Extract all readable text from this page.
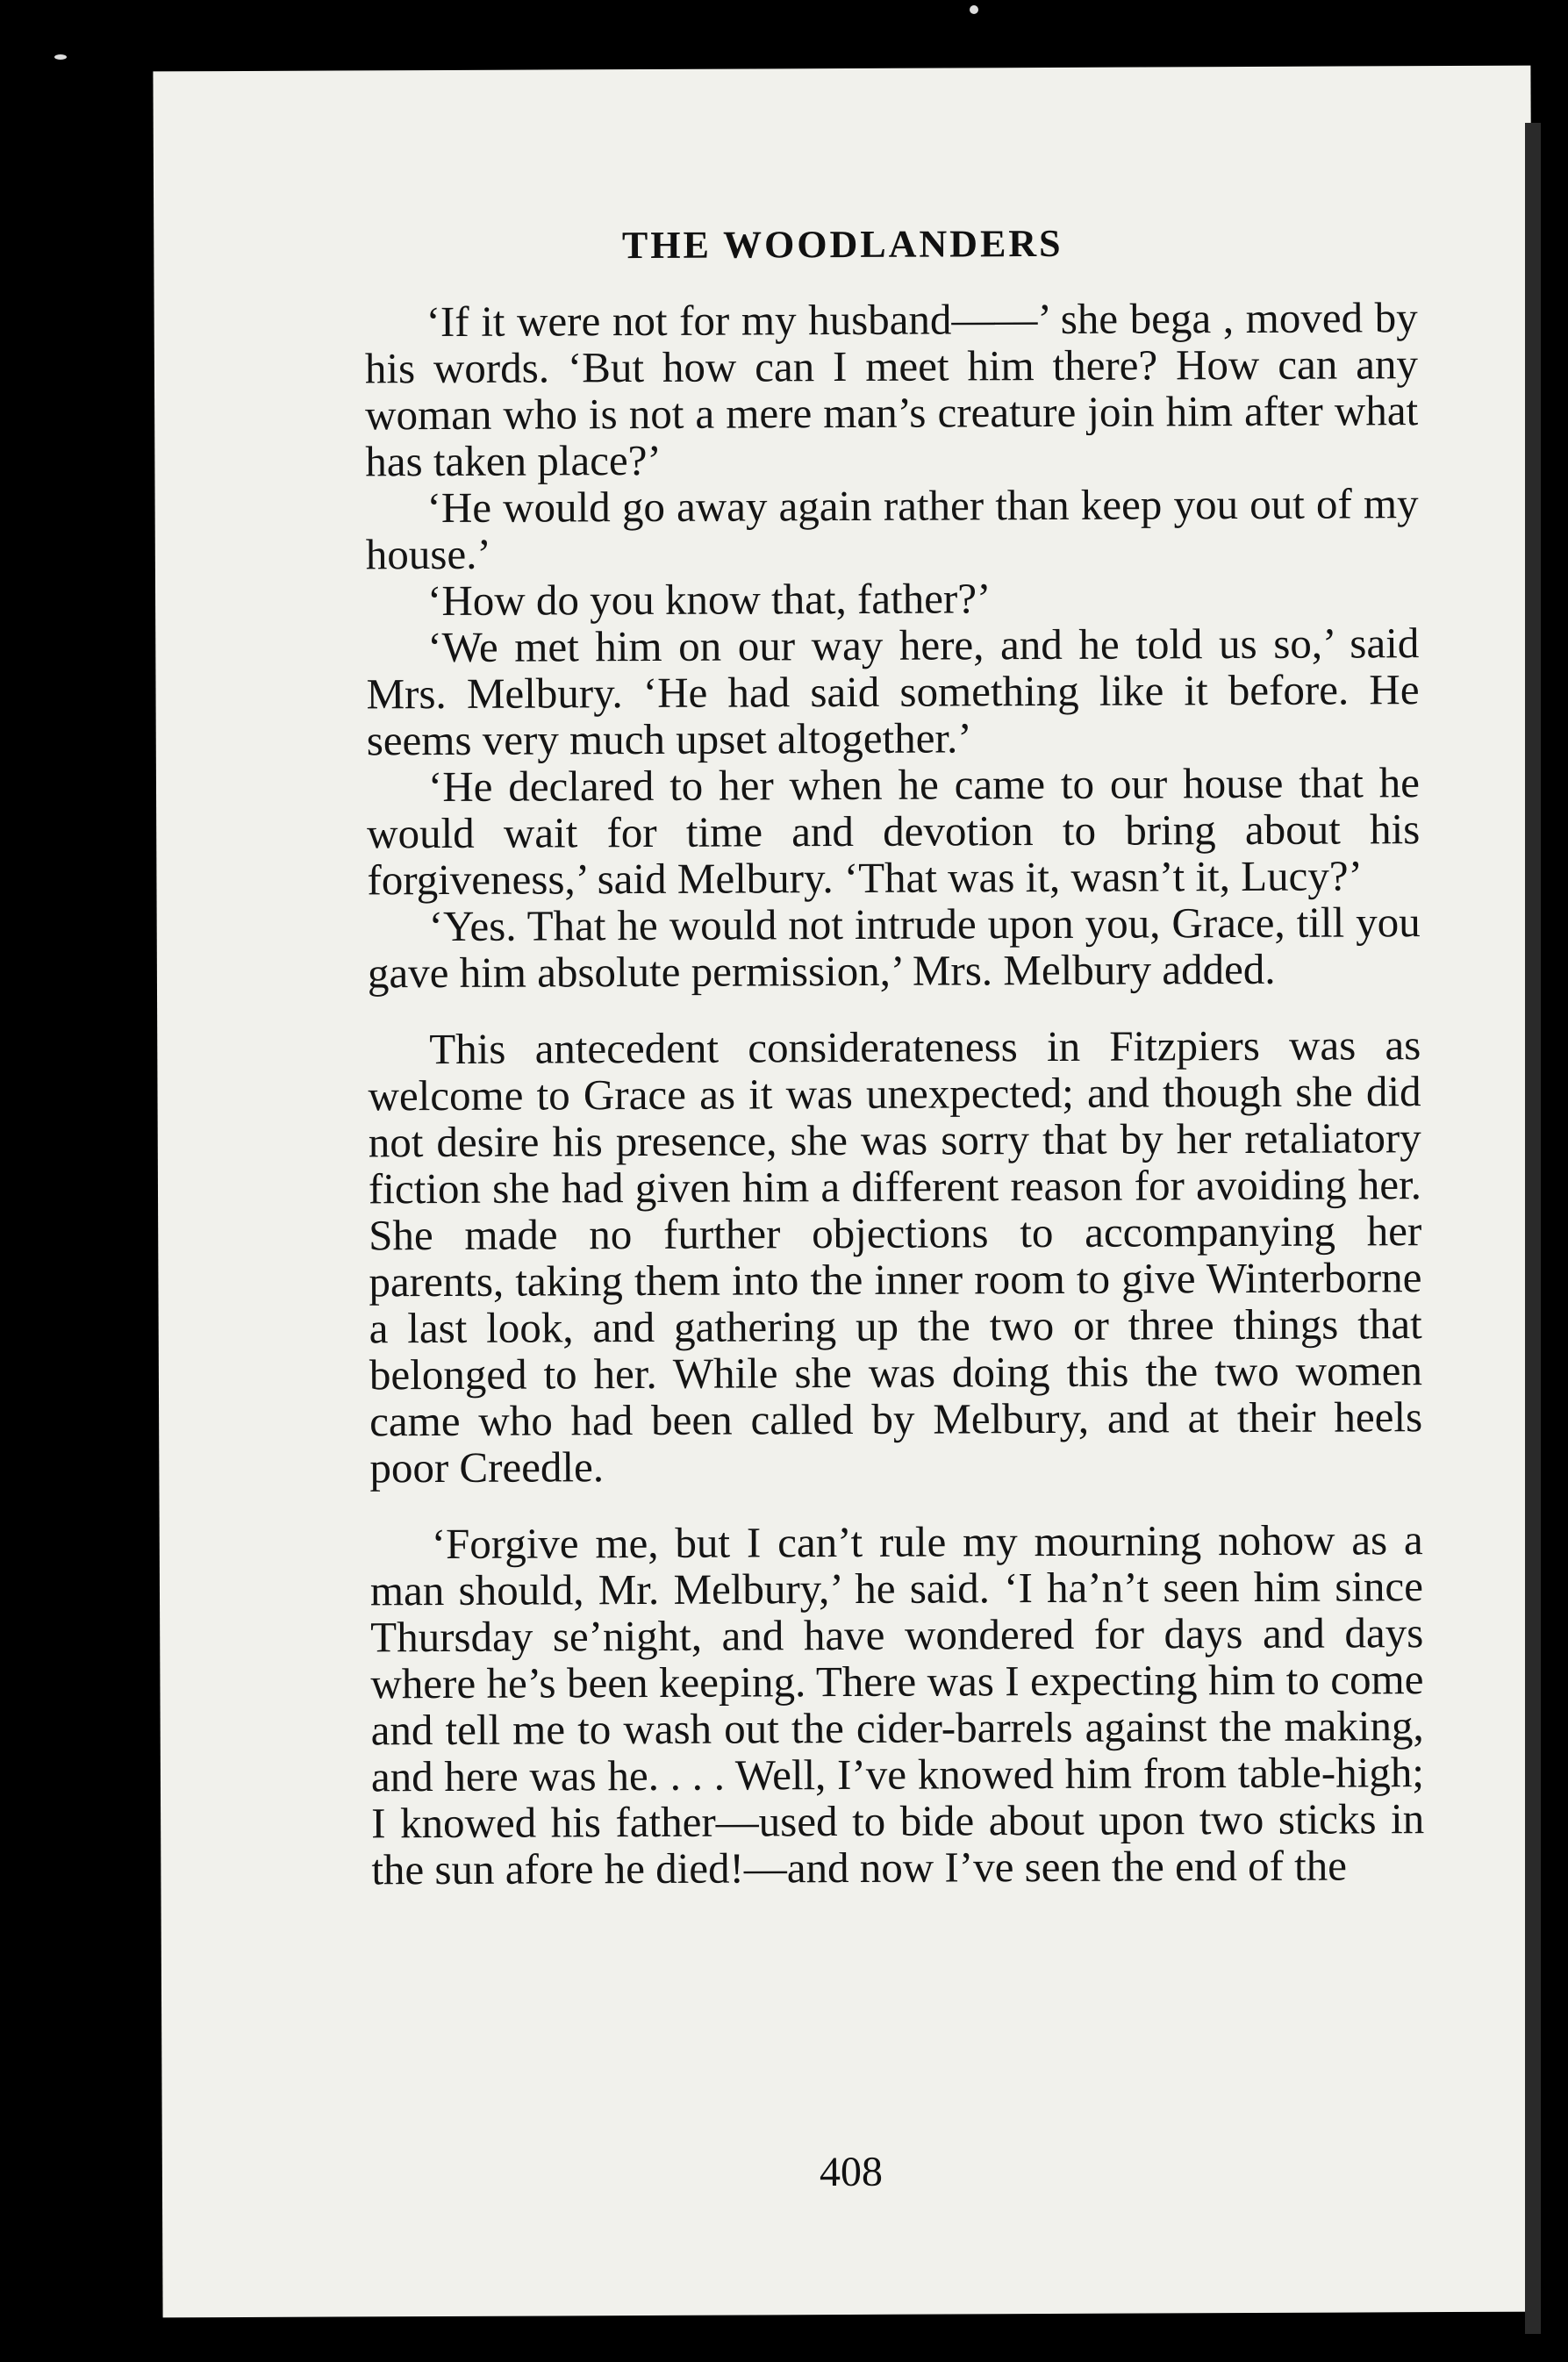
THE WOODLANDERS

‘If it were not for my husband——’ she bega , moved by his words. ‘But how can I meet him there? How can any woman who is not a mere man’s creature join him after what has taken place?’

‘He would go away again rather than keep you out of my house.’

‘How do you know that, father?’

‘We met him on our way here, and he told us so,’ said Mrs. Melbury. ‘He had said something like it before. He seems very much upset altogether.’

‘He declared to her when he came to our house that he would wait for time and devotion to bring about his forgiveness,’ said Melbury. ‘That was it, wasn’t it, Lucy?’

‘Yes. That he would not intrude upon you, Grace, till you gave him absolute permission,’ Mrs. Melbury added.

This antecedent considerateness in Fitzpiers was as welcome to Grace as it was unexpected; and though she did not desire his presence, she was sorry that by her retaliatory fiction she had given him a different reason for avoiding her. She made no further objections to accompanying her parents, taking them into the inner room to give Winterborne a last look, and gathering up the two or three things that belonged to her. While she was doing this the two women came who had been called by Melbury, and at their heels poor Creedle.

‘Forgive me, but I can’t rule my mourning nohow as a man should, Mr. Melbury,’ he said. ‘I ha’n’t seen him since Thursday se’night, and have wondered for days and days where he’s been keeping. There was I expecting him to come and tell me to wash out the cider-barrels against the making, and here was he. . . . Well, I’ve knowed him from table-high; I knowed his father—used to bide about upon two sticks in the sun afore he died!—and now I’ve seen the end of the

408
